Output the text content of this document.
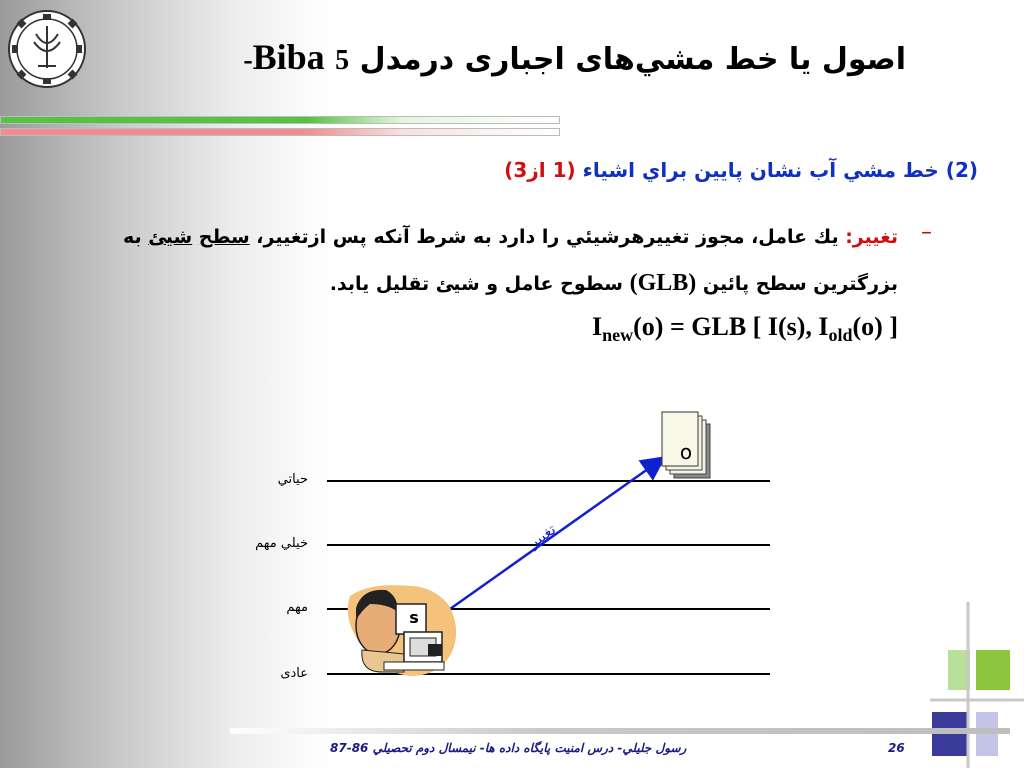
اصول يا خط مشي‌های اجباری درمدل Biba 5-
(2) خط مشي آب نشان پايين براي اشياء (1 از3)
–
تغيير: يك عامل، مجوز تغييرهرشيئي را دارد به شرط آنكه پس ازتغيير، سطح شيئ به بزرگترين سطح پائين (GLB) سطوح عامل و شيئ تقليل يابد.
$I_{new}(o)$ = GLB [ I(s), $I_{old}(o)$ ]
تغيير
o
s
حياتي
خيلي مهم
مهم
عادی
رسول جليلي- درس امنيت پايگاه داده ها- نيمسال دوم تحصيلي 86-87	26
